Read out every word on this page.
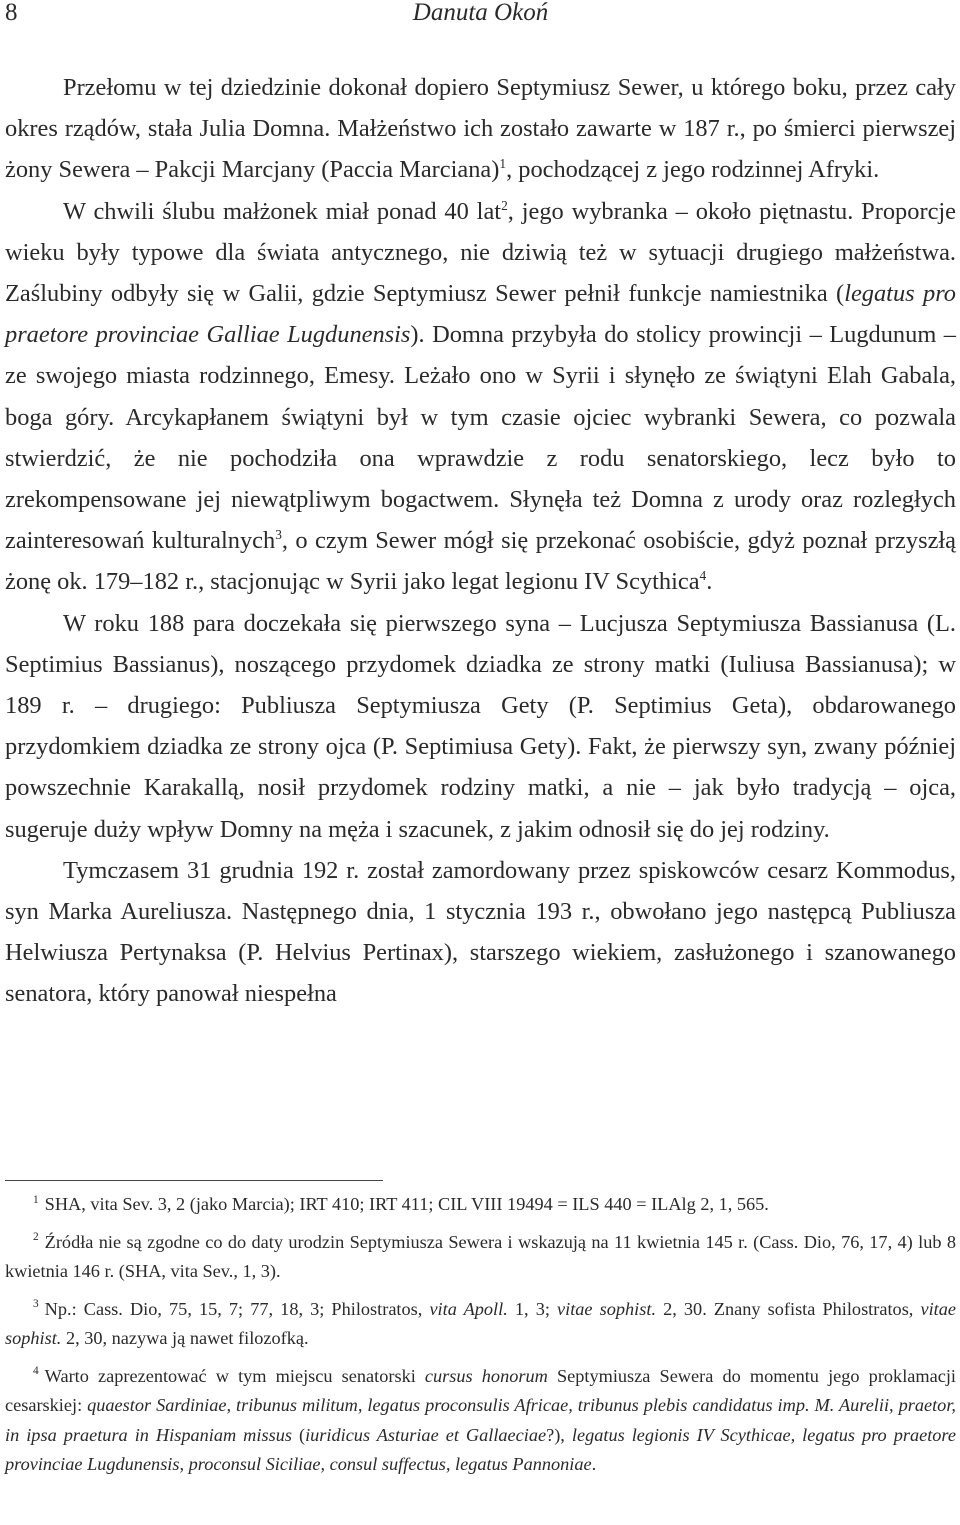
8	Danuta Okoń

Przełomu w tej dziedzinie dokonał dopiero Septymiusz Sewer, u którego boku, przez cały okres rządów, stała Julia Domna. Małżeństwo ich zostało zawarte w 187 r., po śmierci pierwszej żony Sewera – Pakcji Marcjany (Paccia Marciana)$^1$, pochodzącej z jego rodzinnej Afryki.

W chwili ślubu małżonek miał ponad 40 lat$^2$, jego wybranka – około piętnastu. Proporcje wieku były typowe dla świata antycznego, nie dziwią też w sytuacji drugiego małżeństwa. Zaślubiny odbyły się w Galii, gdzie Septymiusz Sewer pełnił funkcje namiestnika (legatus pro praetore provinciae Galliae Lugdunensis). Domna przybyła do stolicy prowincji – Lugdunum – ze swojego miasta rodzinnego, Emesy. Leżało ono w Syrii i słynęło ze świątyni Elah Gabala, boga góry. Arcykapłanem świątyni był w tym czasie ojciec wybranki Sewera, co pozwala stwierdzić, że nie pochodziła ona wprawdzie z rodu senatorskiego, lecz było to zrekompensowane jej niewątpliwym bogactwem. Słynęła też Domna z urody oraz rozległych zainteresowań kulturalnych$^3$, o czym Sewer mógł się przekonać osobiście, gdyż poznał przyszłą żonę ok. 179–182 r., stacjonując w Syrii jako legat legionu IV Scythica$^4$.

W roku 188 para doczekała się pierwszego syna – Lucjusza Septymiusza Bassianusa (L. Septimius Bassianus), noszącego przydomek dziadka ze strony matki (Iuliusa Bassianusa); w 189 r. – drugiego: Publiusza Septymiusza Gety (P. Septimius Geta), obdarowanego przydomkiem dziadka ze strony ojca (P. Septimiusa Gety). Fakt, że pierwszy syn, zwany później powszechnie Karakallą, nosił przydomek rodziny matki, a nie – jak było tradycją – ojca, sugeruje duży wpływ Domny na męża i szacunek, z jakim odnosił się do jej rodziny.

Tymczasem 31 grudnia 192 r. został zamordowany przez spiskowców cesarz Kommodus, syn Marka Aureliusza. Następnego dnia, 1 stycznia 193 r., obwołano jego następcą Publiusza Helwiusza Pertynaksa (P. Helvius Pertinax), starszego wiekiem, zasłużonego i szanowanego senatora, który panował niespełna

$^1$ SHA, vita Sev. 3, 2 (jako Marcia); IRT 410; IRT 411; CIL VIII 19494 = ILS 440 = ILAlg 2, 1, 565.

$^2$ Źródła nie są zgodne co do daty urodzin Septymiusza Sewera i wskazują na 11 kwietnia 145 r. (Cass. Dio, 76, 17, 4) lub 8 kwietnia 146 r. (SHA, vita Sev., 1, 3).

$^3$ Np.: Cass. Dio, 75, 15, 7; 77, 18, 3; Philostratos, vita Apoll. 1, 3; vitae sophist. 2, 30. Znany sofista Philostratos, vitae sophist. 2, 30, nazywa ją nawet filozofką.

$^4$ Warto zaprezentować w tym miejscu senatorski cursus honorum Septymiusza Sewera do momentu jego proklamacji cesarskiej: quaestor Sardiniae, tribunus militum, legatus proconsulis Africae, tribunus plebis candidatus imp. M. Aurelii, praetor, in ipsa praetura in Hispaniam missus (iuridicus Asturiae et Gallaeciae?), legatus legionis IV Scythicae, legatus pro praetore provinciae Lugdunensis, proconsul Siciliae, consul suffectus, legatus Pannoniae.
